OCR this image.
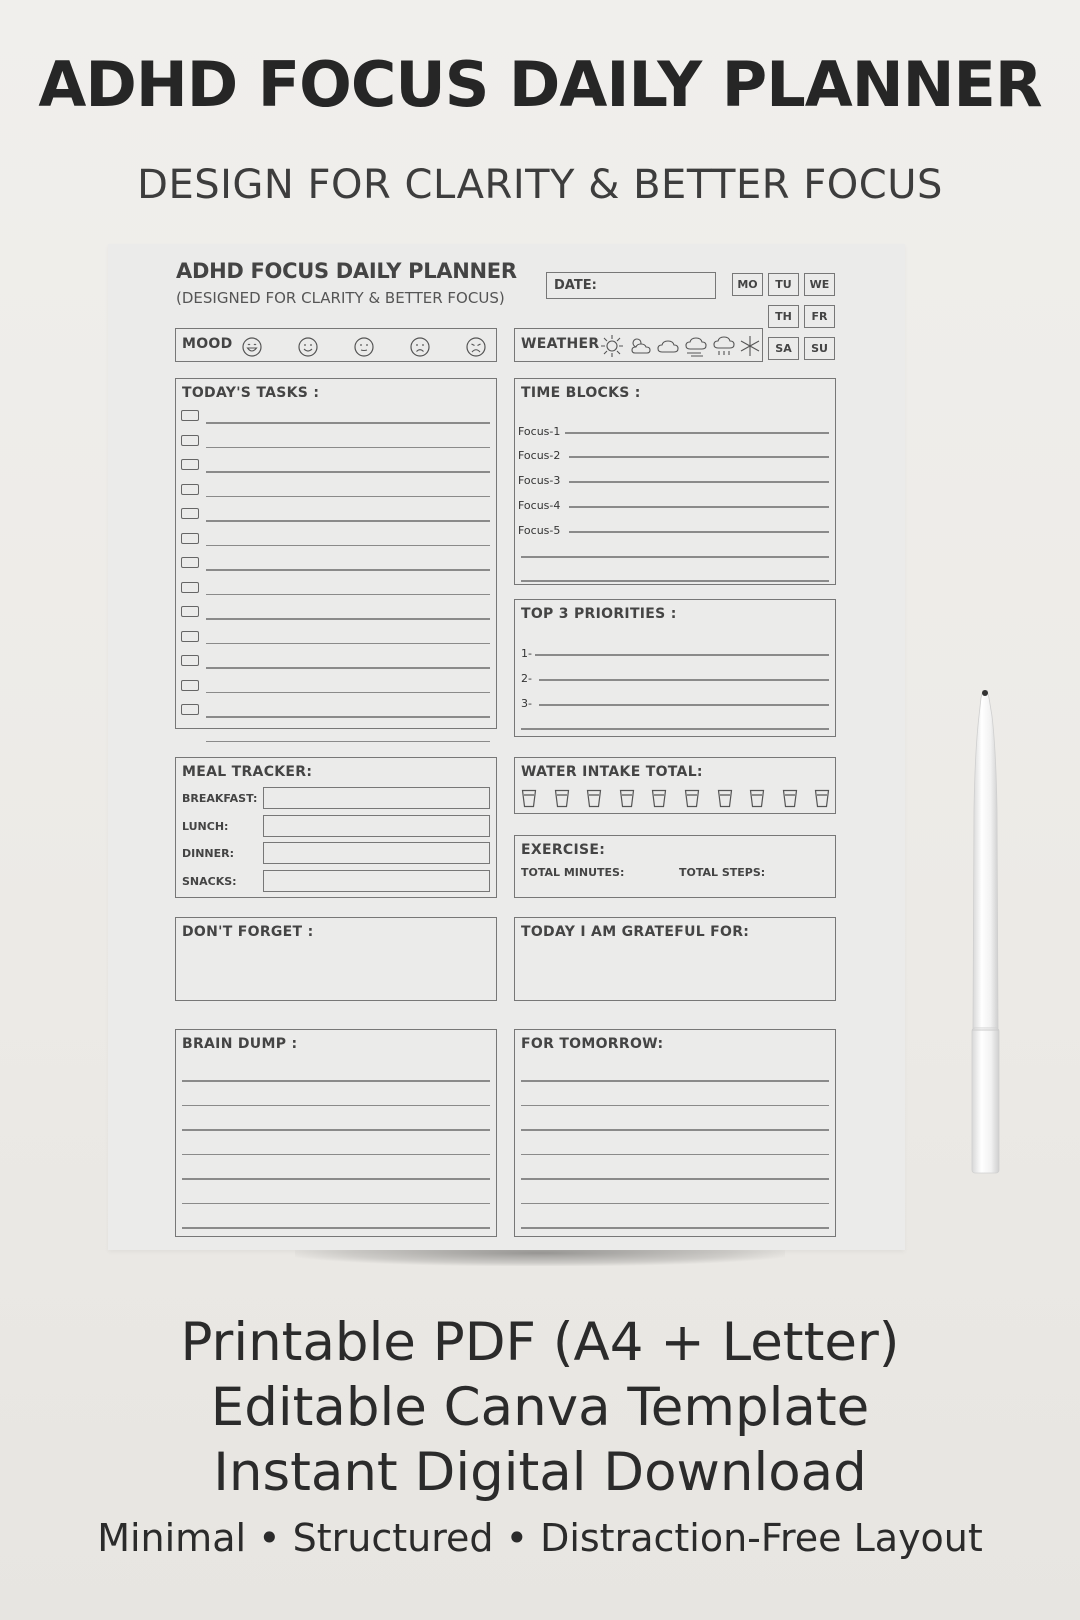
ADHD FOCUS DAILY PLANNER
DESIGN FOR CLARITY & BETTER FOCUS
ADHD FOCUS DAILY PLANNER
(DESIGNED FOR CLARITY & BETTER FOCUS)
DATE:	MO	TU	WE
TH	FR
SA	SU
MOOD	WEATHER
TODAY'S TASKS :	TIME BLOCKS :
Focus-1
Focus-2
Focus-3
Focus-4
Focus-5
TOP 3 PRIORITIES :
1-
2-
3-
MEAL TRACKER:
BREAKFAST:
LUNCH:
DINNER:
SNACKS:
WATER INTAKE TOTAL:
EXERCISE:
TOTAL MINUTES:	TOTAL STEPS:
DON'T FORGET :	TODAY I AM GRATEFUL FOR:
BRAIN DUMP :	FOR TOMORROW:
Printable PDF (A4 + Letter)
Editable Canva Template
Instant Digital Download
Minimal • Structured • Distraction-Free Layout
